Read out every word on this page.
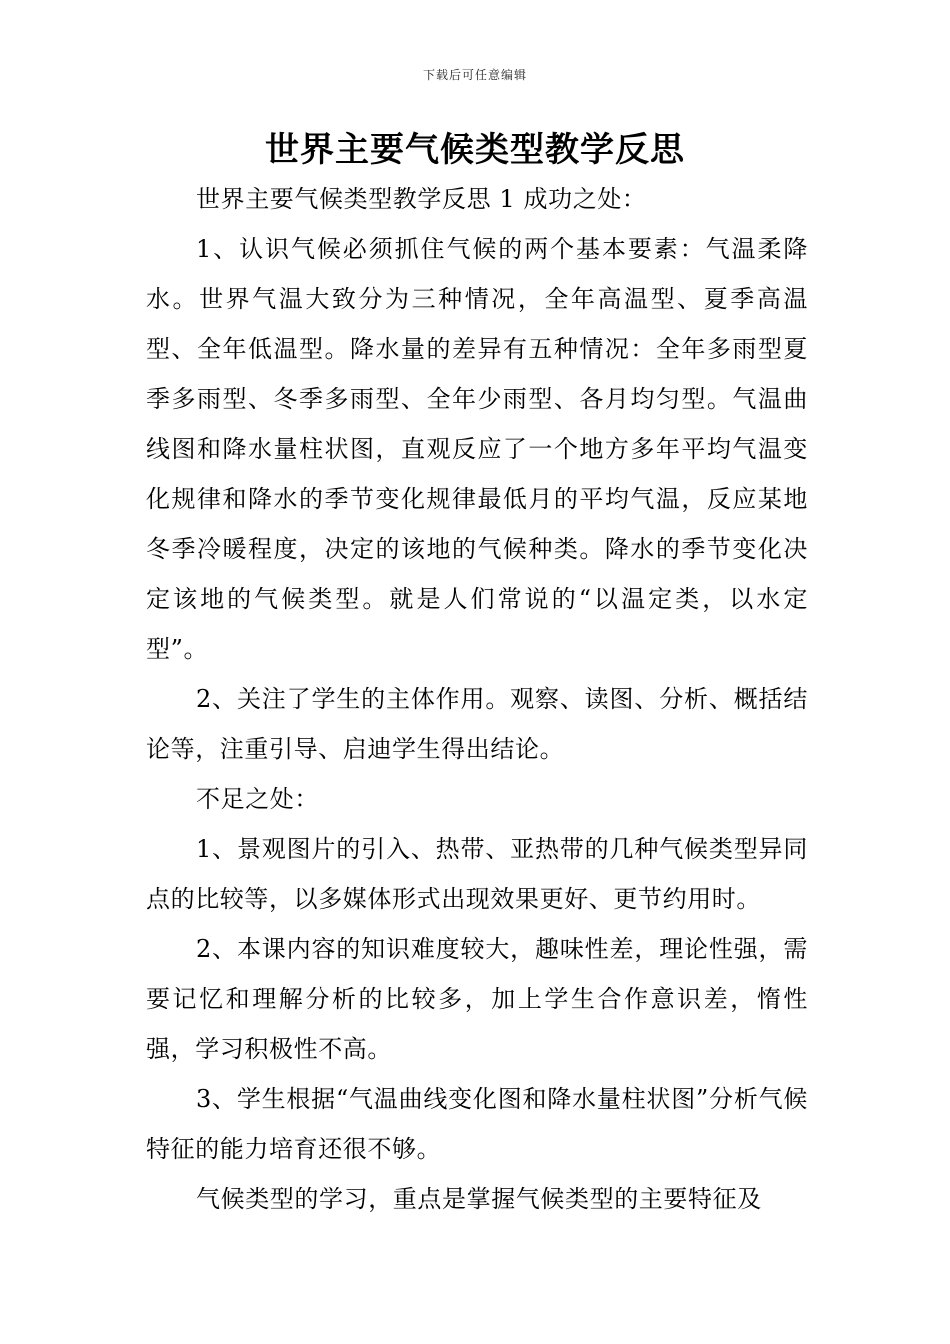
下载后可任意编辑
世界主要气候类型教学反思

世界主要气候类型教学反思 1 成功之处：

1、认识气候必须抓住气候的两个基本要素：气温柔降水。世界气温大致分为三种情况，全年高温型、夏季高温型、全年低温型。降水量的差异有五种情况：全年多雨型夏季多雨型、冬季多雨型、全年少雨型、各月均匀型。气温曲线图和降水量柱状图，直观反应了一个地方多年平均气温变化规律和降水的季节变化规律最低月的平均气温，反应某地冬季冷暖程度，决定的该地的气候种类。降水的季节变化决定该地的气候类型。就是人们常说的“以温定类，以水定型”。

2、关注了学生的主体作用。观察、读图、分析、概括结论等，注重引导、启迪学生得出结论。

不足之处：

1、景观图片的引入、热带、亚热带的几种气候类型异同点的比较等，以多媒体形式出现效果更好、更节约用时。

2、本课内容的知识难度较大，趣味性差，理论性强，需要记忆和理解分析的比较多，加上学生合作意识差，惰性强，学习积极性不高。

3、学生根据“气温曲线变化图和降水量柱状图”分析气候特征的能力培育还很不够。

气候类型的学习，重点是掌握气候类型的主要特征及
